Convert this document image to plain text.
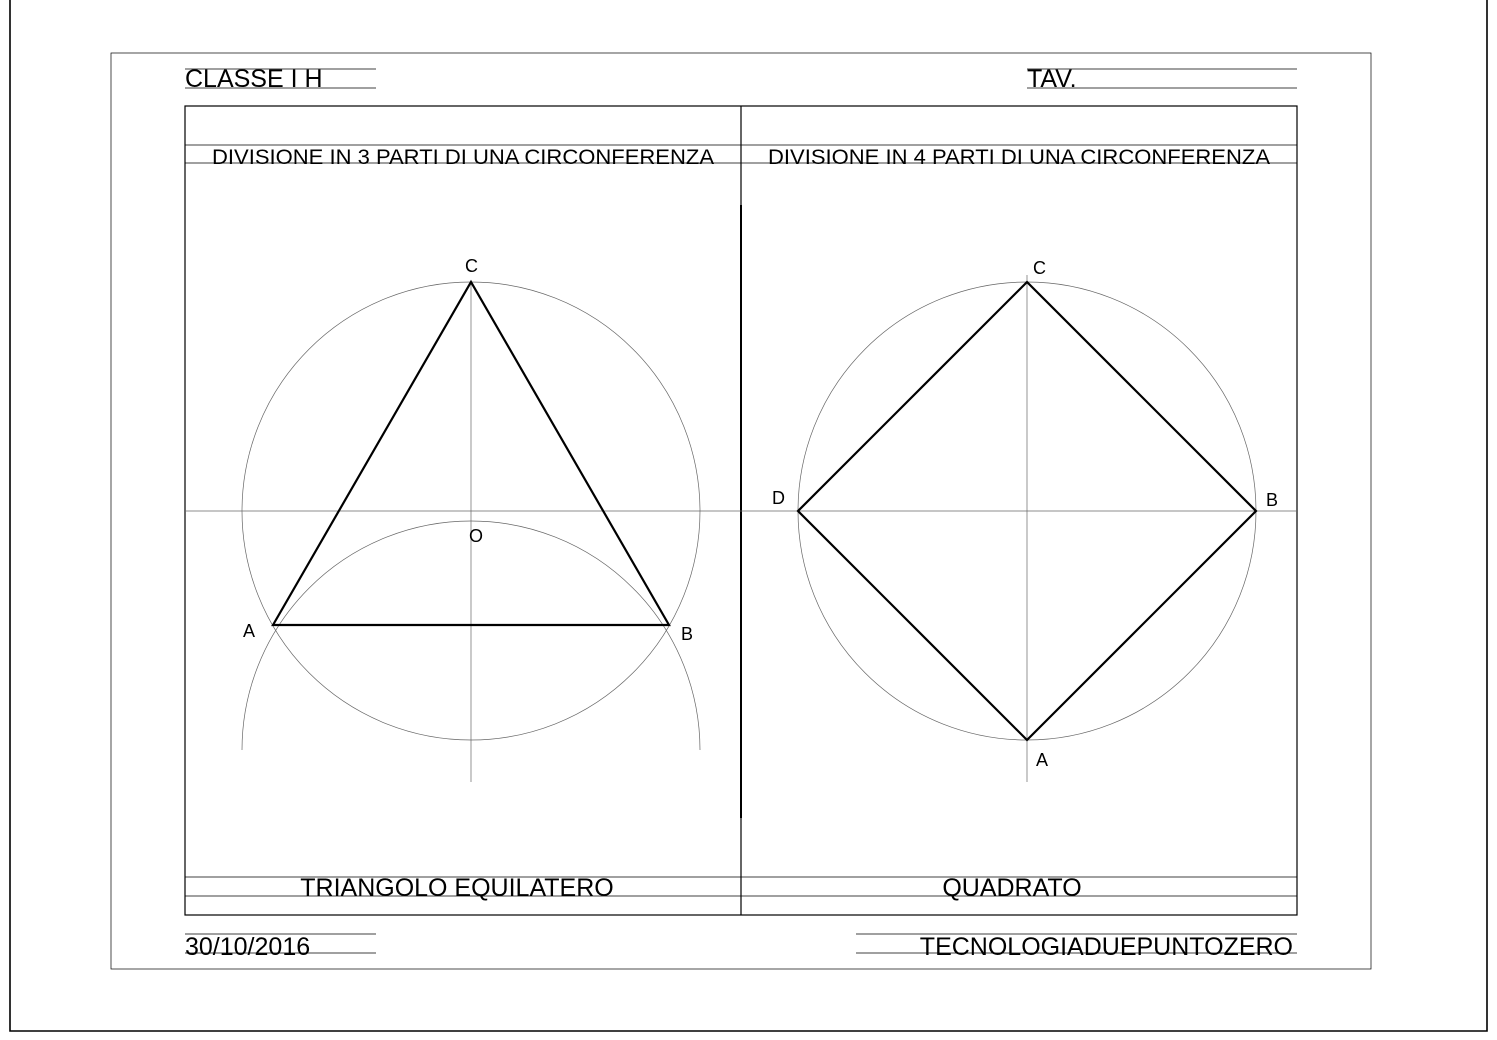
CLASSE I H	TAV.
DIVISIONE IN 3 PARTI DI UNA CIRCONFERENZA
C
O
A	B
TRIANGOLO EQUILATERO
DIVISIONE IN 4 PARTI DI UNA CIRCONFERENZA
C
B
D
A
QUADRATO
30/10/2016	TECNOLOGIADUEPUNTOZERO
